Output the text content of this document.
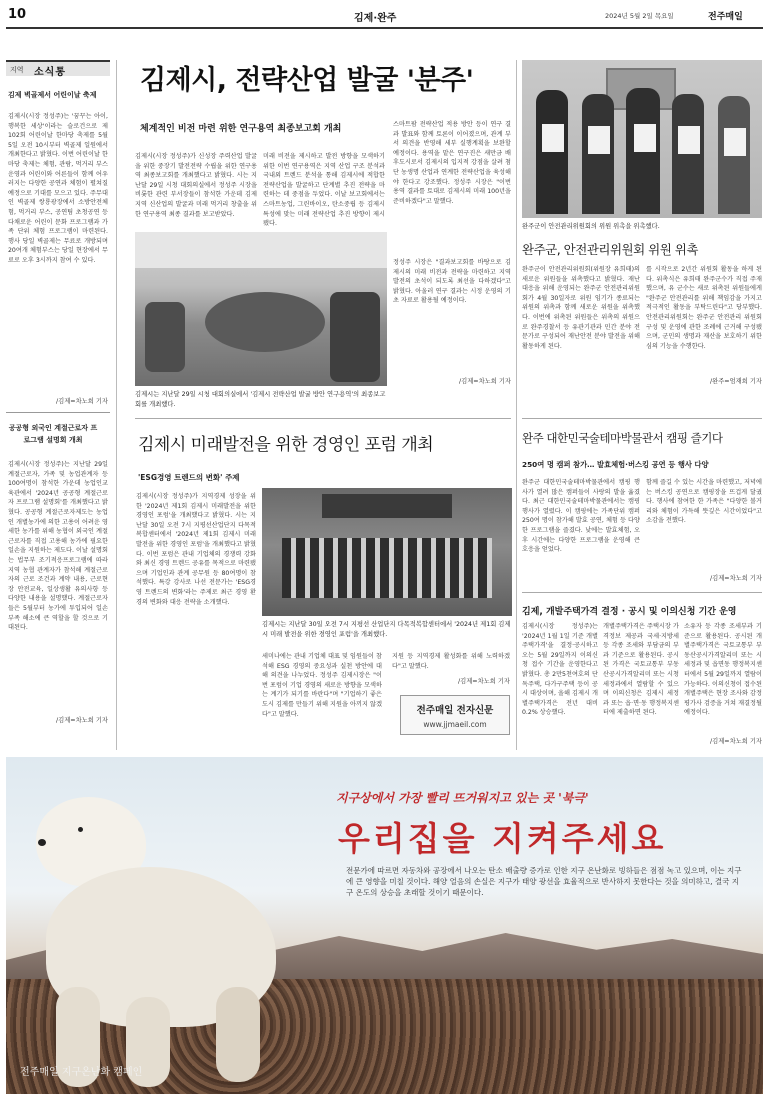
10	김제·완주	2024년 5월 2일 목요일	전주매일
지역 소식통
김제 벽골제서 어린이날 축제
김제시(시장 정성주)는 '꿈꾸는 아이, 행복한 세상'이라는 슬로건으로 제102회 어린이날 한마당 축제를 5월 5일 오전 10시부터 벽골제 일원에서 개최한다고 밝혔다. 이번 어린이날 한마당 축제는 체험, 관람, 먹거리 부스운영과 어린이와 어른들이 함께 어우러지는 다양한 공연과 체험이 펼쳐질 예정으로 기대를 모으고 있다. 주무대인 벽골제 쌍룡광장에서 소방안전체험, 먹거리 부스, 공연팀 초청공연 등 다채로운 어린이 문화 프로그램과 가족 단위 체험 프로그램이 마련된다. 행사 당일 벽골제는 무료로 개방되며 20여개 체험부스는 당일 현장에서 무료로 오후 3시까지 참여 수 있다.
/김제=차노희 기자
공공형 외국인 계절근로자 프로그램 설명회 개최
김제시(시장 정성주)는 지난달 29일 계절근로자, 가족 및 농업관계자 등 100여명이 참석한 가운데 농업인교육관에서 '2024년 공공형 계절근로자 프로그램 설명회'를 개최했다고 밝혔다. 공공형 계절근로자제도는 농업인 개별농가에 의한 고용이 어려운 영세한 농가를 위해 농협이 외국인 계절근로자를 직접 고용해 농가에 필요한 일손을 지원하는 제도다. 이날 설명회는 법무부 조기적응프로그램에 따라 지역 농협 관계자가 참석해 계절근로자의 근로 조건과 계약 내용, 근로현장 안전교육, 일상생활 유의사항 등 다양한 내용을 설명했다. 계절근로자들은 5월부터 농가에 투입되어 일손 부족 해소에 큰 역할을 할 것으로 기대된다.
/김제=차노희 기자
김제시, 전략산업 발굴 '분주'
체계적인 비전 마련 위한 연구용역 최종보고회 개최
김제시(시장 정성주)가 신성장 주력산업 발굴을 위한 중장기 발전전략 수립을 위한 연구용역 최종보고회를 개최했다고 밝혔다. 시는 지난달 29일 시청 대회의실에서 정성주 시장을 비롯한 관련 부서장들이 참석한 가운데 김제 지역 신산업의 발굴과 미래 먹거리 창출을 위한 연구용역 최종 결과를 보고받았다.
미래 비전을 제시하고 발전 방향을 모색하기 위한 이번 연구용역은 지역 산업 구조 분석과 국내외 트렌드 분석을 통해 김제시에 적합한 전략산업을 발굴하고 단계별 추진 전략을 마련하는 데 중점을 두었다. 이날 보고회에서는 스마트농업, 그린바이오, 탄소중립 등 김제시 특성에 맞는 미래 전략산업 추진 방향이 제시됐다.
김제시는 지난달 29일 시청 대회의실에서 '김제시 전략산업 발굴 방안 연구용역'의 최종보고회를 개최했다.
스마트팜 전략산업 적용 방안 등이 연구 결과 발표와 함께 토론이 이어졌으며, 관계 부서 의견을 반영해 세부 실행계획을 보완할 예정이다. 용역을 맡은 연구진은 새만금 배후도시로서 김제시의 입지적 강점을 살려 첨단 농생명 산업과 연계한 전략산업을 육성해야 한다고 강조했다. 정성주 시장은 "이번 용역 결과를 토대로 김제시의 미래 100년을 준비하겠다"고 말했다.
정성주 시장은 "결과보고회를 바탕으로 김제시의 미래 비전과 전략을 마련하고 지역 발전의 초석이 되도록 최선을 다하겠다"고 밝혔다. 아울러 연구 결과는 시정 운영의 기초 자료로 활용될 예정이다.
/김제=차노희 기자
김제시 미래발전을 위한 경영인 포럼 개최
'ESG경영 트렌드의 변화' 주제
김제시(시장 정성주)가 지역경제 성장을 위한 '2024년 제1회 김제시 미래발전을 위한 경영인 포럼'을 개최했다고 밝혔다. 시는 지난달 30일 오전 7시 지평선산업단지 다목적복합센터에서 '2024년 제1회 김제시 미래 발전을 위한 경영인 포럼'을 개최했다고 밝혔다. 이번 포럼은 관내 기업체의 경쟁력 강화와 최신 경영 트렌드 공유를 목적으로 마련됐으며 기업인과 관계 공무원 등 80여명이 참석했다. 특강 강사로 나선 전문가는 'ESG경영 트렌드의 변화'라는 주제로 최근 경영 환경의 변화와 대응 전략을 소개했다.
김제시는 지난달 30일 오전 7시 지평선 산업단지 다목적복합센터에서 '2024년 제1회 김제시 미래 발전을 위한 경영인 포럼'을 개최했다.
세미나에는 관내 기업체 대표 및 임원들이 참석해 ESG 경영의 중요성과 실천 방안에 대해 의견을 나누었다. 정성주 김제시장은 "이번 포럼이 기업 경영의 새로운 방향을 모색하는 계기가 되기를 바란다"며 "기업하기 좋은 도시 김제를 만들기 위해 지원을 아끼지 않겠다"고 말했다.
지원 등 지역경제 활성화를 위해 노력하겠다"고 말했다.
/김제=차노희 기자
전주매일 전자신문
www.jjmaeil.com
완주군이 안전관리위원회의 위원 위촉을 위촉했다.
완주군, 안전관리위원회 위원 위촉
완주군이 안전관리위원회(위원장 유희태)의 새로운 위원들을 위촉했다고 밝혔다. 재난 대응을 위해 운영되는 완주군 안전관리위원회가 4월 30일자로 위원 임기가 종료되는 위원의 위촉과 함께 새로운 위원을 위촉했다. 이번에 위촉된 위원들은 위촉의 위원으로 완주경찰서 등 유관기관과 민간 분야 전문가로 구성되어 재난안전 분야 발전을 위해 활동하게 된다.
를 시작으로 2년간 위원회 활동을 하게 된다. 위촉식은 유희태 완주군수가 직접 주재했으며, 유 군수는 새로 위촉된 위원들에게 "완주군 안전관리를 위해 책임감을 가지고 적극적인 활동을 부탁드린다"고 당부했다. 안전관리위원회는 완주군 안전관리 위원회 구성 및 운영에 관한 조례에 근거해 구성됐으며, 군민의 생명과 재산을 보호하기 위한 심의 기능을 수행한다.
/완주=엄재희 기자
완주 대한민국술테마박물관서 캠핑 즐기다
250여 명 캠퍼 참가… 발효체험·버스킹 공연 등 행사 다양
완주군 대한민국술테마박물관에서 캠핑 행사가 열려 많은 캠퍼들이 사랑의 발을 옮겼다. 최근 대한민국술테마박물관에서는 캠핑 행사가 열렸다. 이 캠핑에는 가족단위 캠퍼 250여 명이 참가해 발효 공연, 체험 등 다양한 프로그램을 즐겼다. 낮에는 발효체험, 오후 시간에는 다양한 프로그램을 운영해 큰 호응을 얻었다.
함께 즐길 수 있는 시간을 마련했고, 저녁에는 버스킹 공연으로 캠핑장을 뜨겁게 달궜다. 행사에 참여한 한 가족은 "다양한 볼거리와 체험이 가득해 뜻깊은 시간이었다"고 소감을 전했다.
/김제=차노희 기자
김제, 개발주택가격 결정 · 공시 및 이의신청 기간 운영
김제시(시장 정성주)는 '2024년 1월 1일 기준 개별주택가격'을 결정·공시하고 오는 5월 29일까지 이의신청 접수 기간을 운영한다고 밝혔다. 총 2만5천여호의 단독주택, 다가구주택 등이 공시 대상이며, 올해 김제시 개별주택가격은 전년 대비 0.2% 상승했다.
개별주택가격은 주택시장 가격정보 제공과 국세·지방세 등 각종 조세와 부담금의 부과 기준으로 활용된다. 공시된 가격은 국토교통부 부동산공시가격알리미 또는 시청 세정과에서 열람할 수 있으며 이의신청은 김제시 세정과 또는 읍·면·동 행정복지센터에 제출하면 된다.
소유자 등 각종 조세부과 기준으로 활용된다. 공시된 개별주택가격은 국토교통부 부동산공시가격알리미 또는 시 세정과 및 읍면동 행정복지센터에서 5월 29일까지 열람이 가능하다. 이의신청이 접수된 개별주택은 현장 조사와 감정평가사 검증을 거쳐 재결정될 예정이다.
/김제=차노희 기자
지구상에서 가장 빨리 뜨거워지고 있는 곳 '북극'
우리집을 지켜주세요
전문가에 따르면 자동차와 공장에서 나오는 탄소 배출량 증가로 인한 지구 온난화로 빙하들은 점점 녹고 있으며, 이는 지구에 큰 영향을 미칠 것이다. 해양 얼음의 손실은 지구가 태양 광선을 효율적으로 반사하지 못한다는 것을 의미하고, 결국 지구 온도의 상승을 초래할 것이기 때문이다.
전주매일 지구온난화 캠페인
